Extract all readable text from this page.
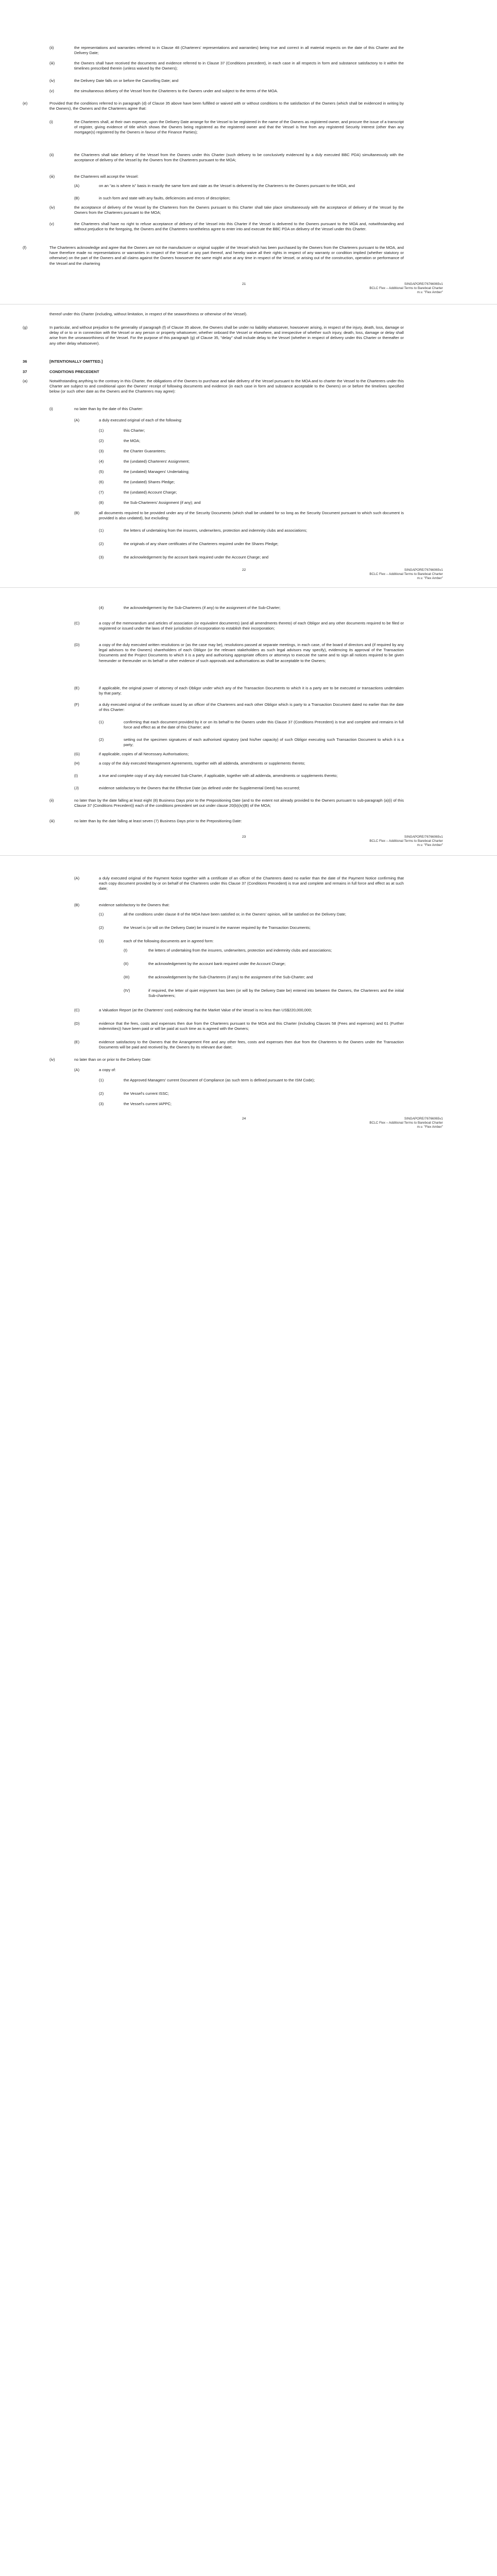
(ii)	the representations and warranties referred to in Clause 48 (Charterers' representations and warranties) being true and correct in all material respects on the date of this Charter and the Delivery Date;
(iii)	the Owners shall have received the documents and evidence referred to in Clause 37 (Conditions precedent), in each case in all respects in form and substance satisfactory to it within the timelines prescribed therein (unless waived by the Owners);
(iv)	the Delivery Date falls on or before the Cancelling Date; and
(v)	the simultaneous delivery of the Vessel from the Charterers to the Owners under and subject to the terms of the MOA.
(e)	Provided that the conditions referred to in paragraph (d) of Clause 35 above have been fulfilled or waived with or without conditions to the satisfaction of the Owners (which shall be evidenced in writing by the Owners), the Owners and the Charterers agree that:
(i)	the Charterers shall, at their own expense, upon the Delivery Date arrange for the Vessel to be registered in the name of the Owners as registered owner, and procure the issue of a transcript of register, giving evidence of title which shows the Owners being registered as the registered owner and that the Vessel is free from any registered Security Interest (other than any mortgage(s) registered by the Owners in favour of the Finance Parties);
(ii)	the Charterers shall take delivery of the Vessel from the Owners under this Charter (such delivery to be conclusively evidenced by a duly executed BBC PDA) simultaneously with the acceptance of delivery of the Vessel by the Owners from the Charterers pursuant to the MOA;
(iii)	the Charterers will accept the Vessel:
(A)	on an "as is where is" basis in exactly the same form and state as the Vessel is delivered by the Charterers to the Owners pursuant to the MOA; and
(B)	in such form and state with any faults, deficiencies and errors of description;
(iv)	the acceptance of delivery of the Vessel by the Charterers from the Owners pursuant to this Charter shall take place simultaneously with the acceptance of delivery of the Vessel by the Owners from the Charterers pursuant to the MOA;
(v)	the Charterers shall have no right to refuse acceptance of delivery of the Vessel into this Charter if the Vessel is delivered to the Owners pursuant to the MOA and, notwithstanding and without prejudice to the foregoing, the Owners and the Charterers nonetheless agree to enter into and execute the BBC PDA on delivery of the Vessel under this Charter.
(f)	The Charterers acknowledge and agree that the Owners are not the manufacturer or original supplier of the Vessel which has been purchased by the Owners from the Charterers pursuant to the MOA, and have therefore made no representations or warranties in respect of the Vessel or any part thereof, and hereby waive all their rights in respect of any warranty or condition implied (whether statutory or otherwise) on the part of the Owners and all claims against the Owners howsoever the same might arise at any time in respect of the Vessel, or arising out of the construction, operation or performance of the Vessel and the chartering
21	SINGAPORE/76766065v1
BCLC Flex – Additional Terms to Bareboat Charter
m.v. "Flex Amber"
thereof under this Charter (including, without limitation, in respect of the seaworthiness or otherwise of the Vessel).
(g)	In particular, and without prejudice to the generality of paragraph (f) of Clause 35 above, the Owners shall be under no liability whatsoever, howsoever arising, in respect of the injury, death, loss, damage or delay of or to or in connection with the Vessel or any person or property whatsoever, whether onboard the Vessel or elsewhere, and irrespective of whether such injury, death, loss, damage or delay shall arise from the unseaworthiness of the Vessel. For the purpose of this paragraph (g) of Clause 35, "delay" shall include delay to the Vessel (whether in respect of delivery under this Charter or thereafter or any other delay whatsoever).
36	[INTENTIONALLY OMITTED.]
37	CONDITIONS PRECEDENT
(a)	Notwithstanding anything to the contrary in this Charter, the obligations of the Owners to purchase and take delivery of the Vessel pursuant to the MOA and to charter the Vessel to the Charterers under this Charter are subject to and conditional upon the Owners' receipt of following documents and evidence (in each case in form and substance acceptable to the Owners) on or before the timelines specified below (or such other date as the Owners and the Charterers may agree):
(i)	no later than by the date of this Charter:
(A)	a duly executed original of each of the following:
(1)	this Charter;
(2)	the MOA;
(3)	the Charter Guarantees;
(4)	the (undated) Charterers' Assignment;
(5)	the (undated) Managers' Undertaking;
(6)	the (undated) Shares Pledge;
(7)	the (undated) Account Charge;
(8)	the Sub-Charterers' Assignment (if any); and
(B)	all documents required to be provided under any of the Security Documents (which shall be undated for so long as the Security Document pursuant to which such document is provided is also undated), but excluding:
(1)	the letters of undertaking from the insurers, underwriters, protection and indemnity clubs and associations;
(2)	the originals of any share certificates of the Charterers required under the Shares Pledge;
(3)	the acknowledgement by the account bank required under the Account Charge; and
22	SINGAPORE/76766065v1
BCLC Flex – Additional Terms to Bareboat Charter
m.v. "Flex Amber"
(4)	the acknowledgement by the Sub-Charterers (if any) to the assignment of the Sub-Charter;
(C)	a copy of the memorandum and articles of association (or equivalent documents) (and all amendments thereto) of each Obligor and any other documents required to be filed or registered or issued under the laws of their jurisdiction of incorporation to establish their incorporation;
(D)	a copy of the duly executed written resolutions or (as the case may be), resolutions passed at separate meetings, in each case, of the board of directors and (if required by any legal advisors to the Owners) shareholders of each Obligor (or the relevant stakeholders as such legal advisors may specify), evidencing its approval of the Transaction Documents and the Project Documents to which it is a party and authorising appropriate officers or attorneys to execute the same and to sign all notices required to be given hereunder or thereunder on its behalf or other evidence of such approvals and authorisations as shall be acceptable to the Owners;
(E)	if applicable, the original power of attorney of each Obligor under which any of the Transaction Documents to which it is a party are to be executed or transactions undertaken by that party;
(F)	a duly executed original of the certificate issued by an officer of the Charterers and each other Obligor which is party to a Transaction Document dated no earlier than the date of this Charter:
(1)	confirming that each document provided by it or on its behalf to the Owners under this Clause 37 (Conditions Precedent) is true and complete and remains in full force and effect as at the date of this Charter; and
(2)	setting out the specimen signatures of each authorised signatory (and his/her capacity) of such Obligor executing such Transaction Document to which it is a party;
(G)	if applicable, copies of all Necessary Authorisations;
(H)	a copy of the duly executed Management Agreements, together with all addenda, amendments or supplements thereto;
(I)	a true and complete copy of any duly executed Sub-Charter, if applicable, together with all addenda, amendments or supplements thereto;
(J)	evidence satisfactory to the Owners that the Effective Date (as defined under the Supplemental Deed) has occurred;
(ii)	no later than by the date falling at least eight (8) Business Days prior to the Prepositioning Date (and to the extent not already provided to the Owners pursuant to sub-paragraph (a)(i) of this Clause 37 (Conditions Precedent)) each of the conditions precedent set out under clause 20(b)(iv)(B) of the MOA;
(iii)	no later than by the date falling at least seven (7) Business Days prior to the Prepositioning Date:
23	SINGAPORE/76766065v1
BCLC Flex – Additional Terms to Bareboat Charter
m.v. "Flex Amber"
(A)	a duly executed original of the Payment Notice together with a certificate of an officer of the Charterers dated no earlier than the date of the Payment Notice confirming that each copy document provided by or on behalf of the Charterers under this Clause 37 (Conditions Precedent) is true and complete and remains in full force and effect as at such date;
(B)	evidence satisfactory to the Owners that:
(1)	all the conditions under clause 8 of the MOA have been satisfied or, in the Owners' opinion, will be satisfied on the Delivery Date;
(2)	the Vessel is (or will on the Delivery Date) be insured in the manner required by the Transaction Documents;
(3)	each of the following documents are in agreed form:
(I)	the letters of undertaking from the insurers, underwriters, protection and indemnity clubs and associations;
(II)	the acknowledgement by the account bank required under the Account Charge;
(III)	the acknowledgement by the Sub-Charterers (if any) to the assignment of the Sub-Charter; and
(IV)	if required, the letter of quiet enjoyment has been (or will by the Delivery Date be) entered into between the Owners, the Charterers and the initial Sub-charterers;
(C)	a Valuation Report (at the Charterers' cost) evidencing that the Market Value of the Vessel is no less than US$220,000,000;
(D)	evidence that the fees, costs and expenses then due from the Charterers pursuant to the MOA and this Charter (including Clauses 58 (Fees and expenses) and 61 (Further indemnities)) have been paid or will be paid at such time as is agreed with the Owners;
(E)	evidence satisfactory to the Owners that the Arrangement Fee and any other fees, costs and expenses then due from the Charterers to the Owners under the Transaction Documents will be paid and received by, the Owners by its relevant due date;
(iv)	no later than on or prior to the Delivery Date:
(A)	a copy of:
(1)	the Approved Managers' current Document of Compliance (as such term is defined pursuant to the ISM Code);
(2)	the Vessel's current ISSC;
(3)	the Vessel's current IAPPC;
24	SINGAPORE/76766065v1
BCLC Flex – Additional Terms to Bareboat Charter
m.v. "Flex Amber"
